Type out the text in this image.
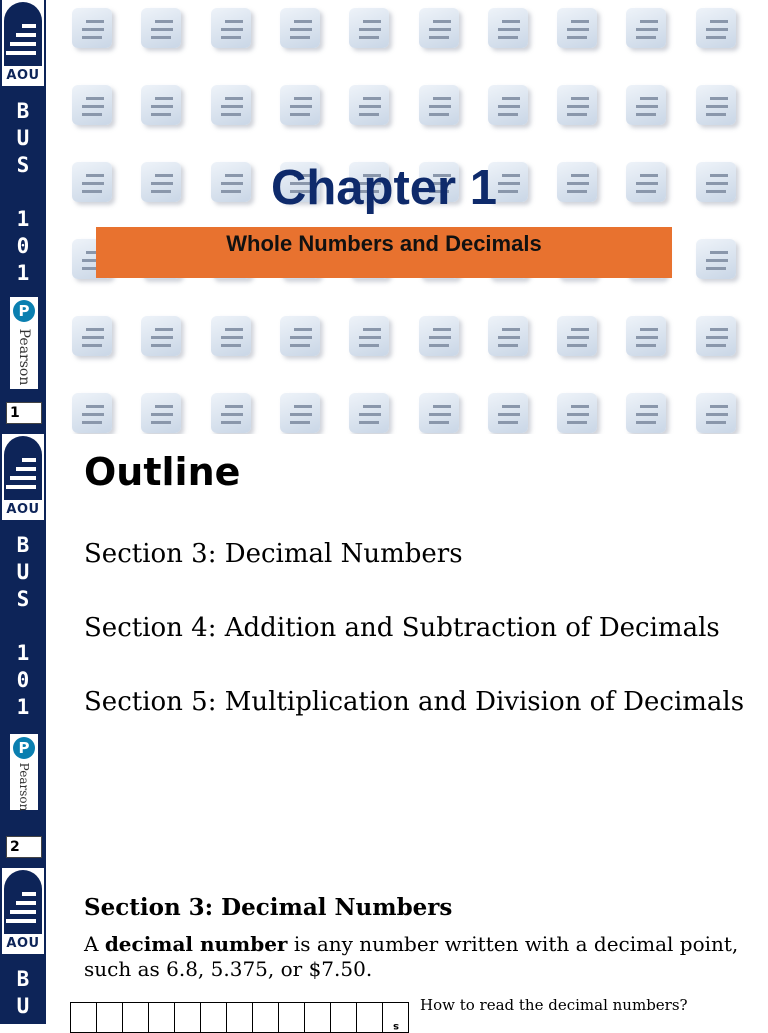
AOU
B
U
S
1
0
1
P
Pearson
1
Chapter 1
Whole Numbers and Decimals
AOU
B
U
S
1
0
1
P
Pearson
2
Outline
Section 3: Decimal Numbers
Section 4: Addition and Subtraction of Decimals
Section 5: Multiplication and Division of Decimals
AOU
B
U
Section 3: Decimal Numbers
A decimal number is any number written with a decimal point, such as 6.8, 5.375, or $7.50.
												s
How to read the decimal numbers?
